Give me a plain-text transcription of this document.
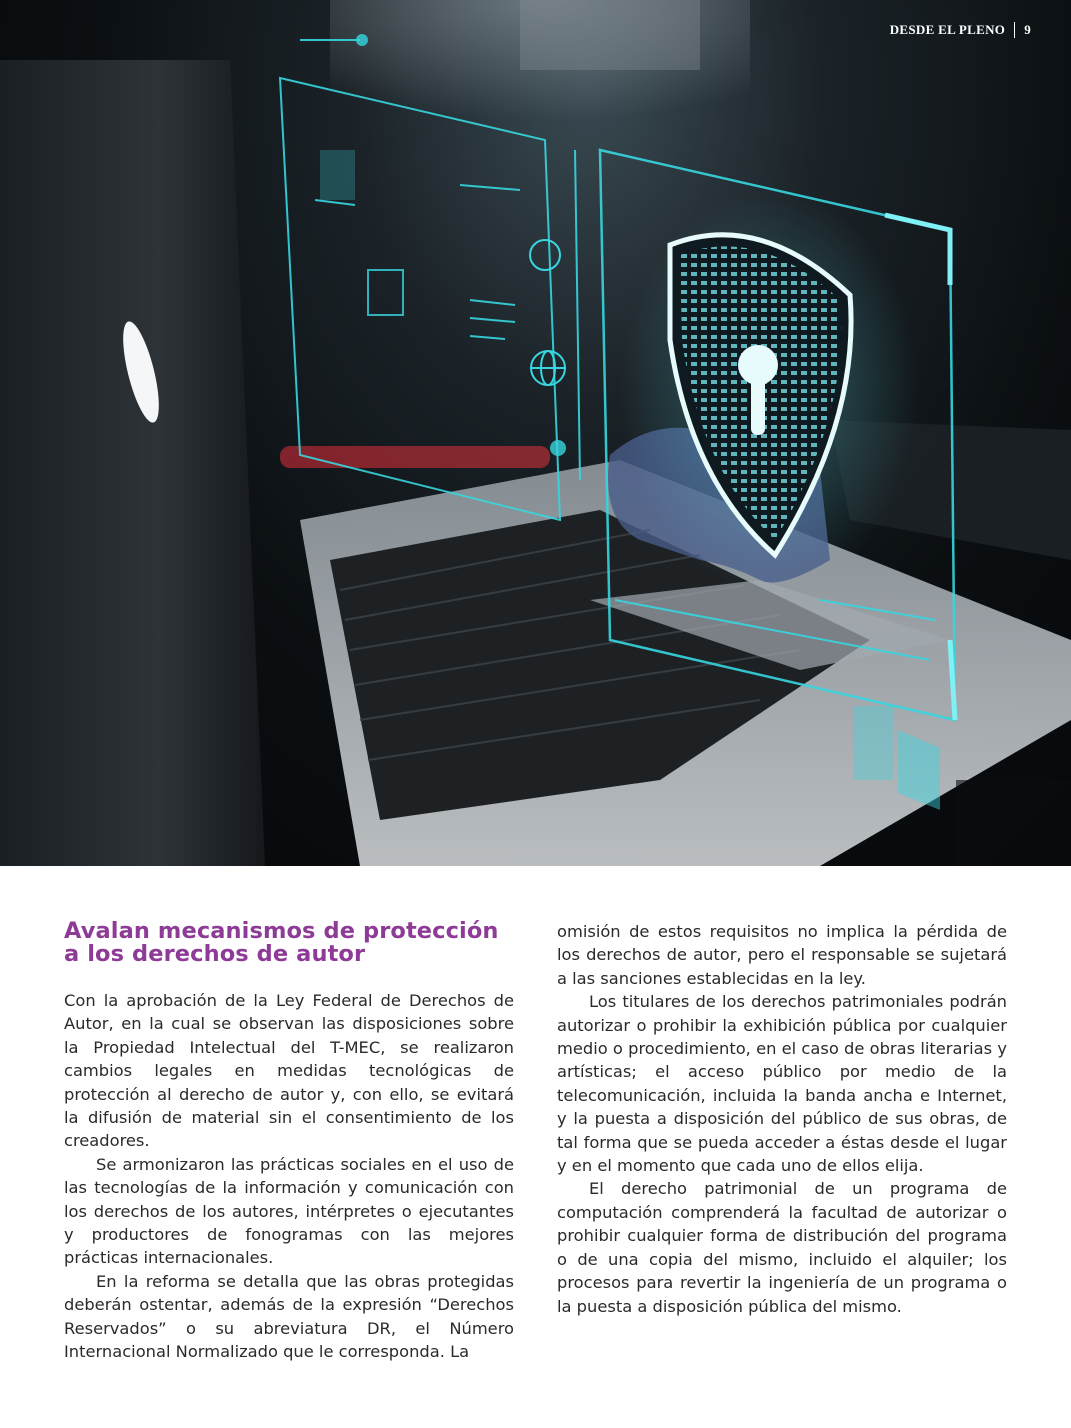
DESDE EL PLENO 9
Avalan mecanismos de protección
a los derechos de autor

Con la aprobación de la Ley Federal de Derechos de Autor, en la cual se observan las disposiciones sobre la Propiedad Intelectual del T-MEC, se realizaron cambios legales en medidas tecnológicas de protección al derecho de autor y, con ello, se evitará la difusión de material sin el consentimiento de los creadores.

Se armonizaron las prácticas sociales en el uso de las tecnologías de la información y comunicación con los derechos de los autores, intérpretes o ejecutantes y productores de fonogramas con las mejores prácticas internacionales.

En la reforma se detalla que las obras protegidas deberán ostentar, además de la expresión “Derechos Reservados” o su abreviatura DR, el Número Internacional Normalizado que le corresponda. La

omisión de estos requisitos no implica la pérdida de los derechos de autor, pero el responsable se sujetará a las sanciones establecidas en la ley.

Los titulares de los derechos patrimoniales podrán autorizar o prohibir la exhibición pública por cualquier medio o procedimiento, en el caso de obras literarias y artísticas; el acceso público por medio de la telecomunicación, incluida la banda ancha e Internet, y la puesta a disposición del público de sus obras, de tal forma que se pueda acceder a éstas desde el lugar y en el momento que cada uno de ellos elija.

El derecho patrimonial de un programa de computación comprenderá la facultad de autorizar o prohibir cualquier forma de distribución del programa o de una copia del mismo, incluido el alquiler; los procesos para revertir la ingeniería de un programa o la puesta a disposición pública del mismo.
